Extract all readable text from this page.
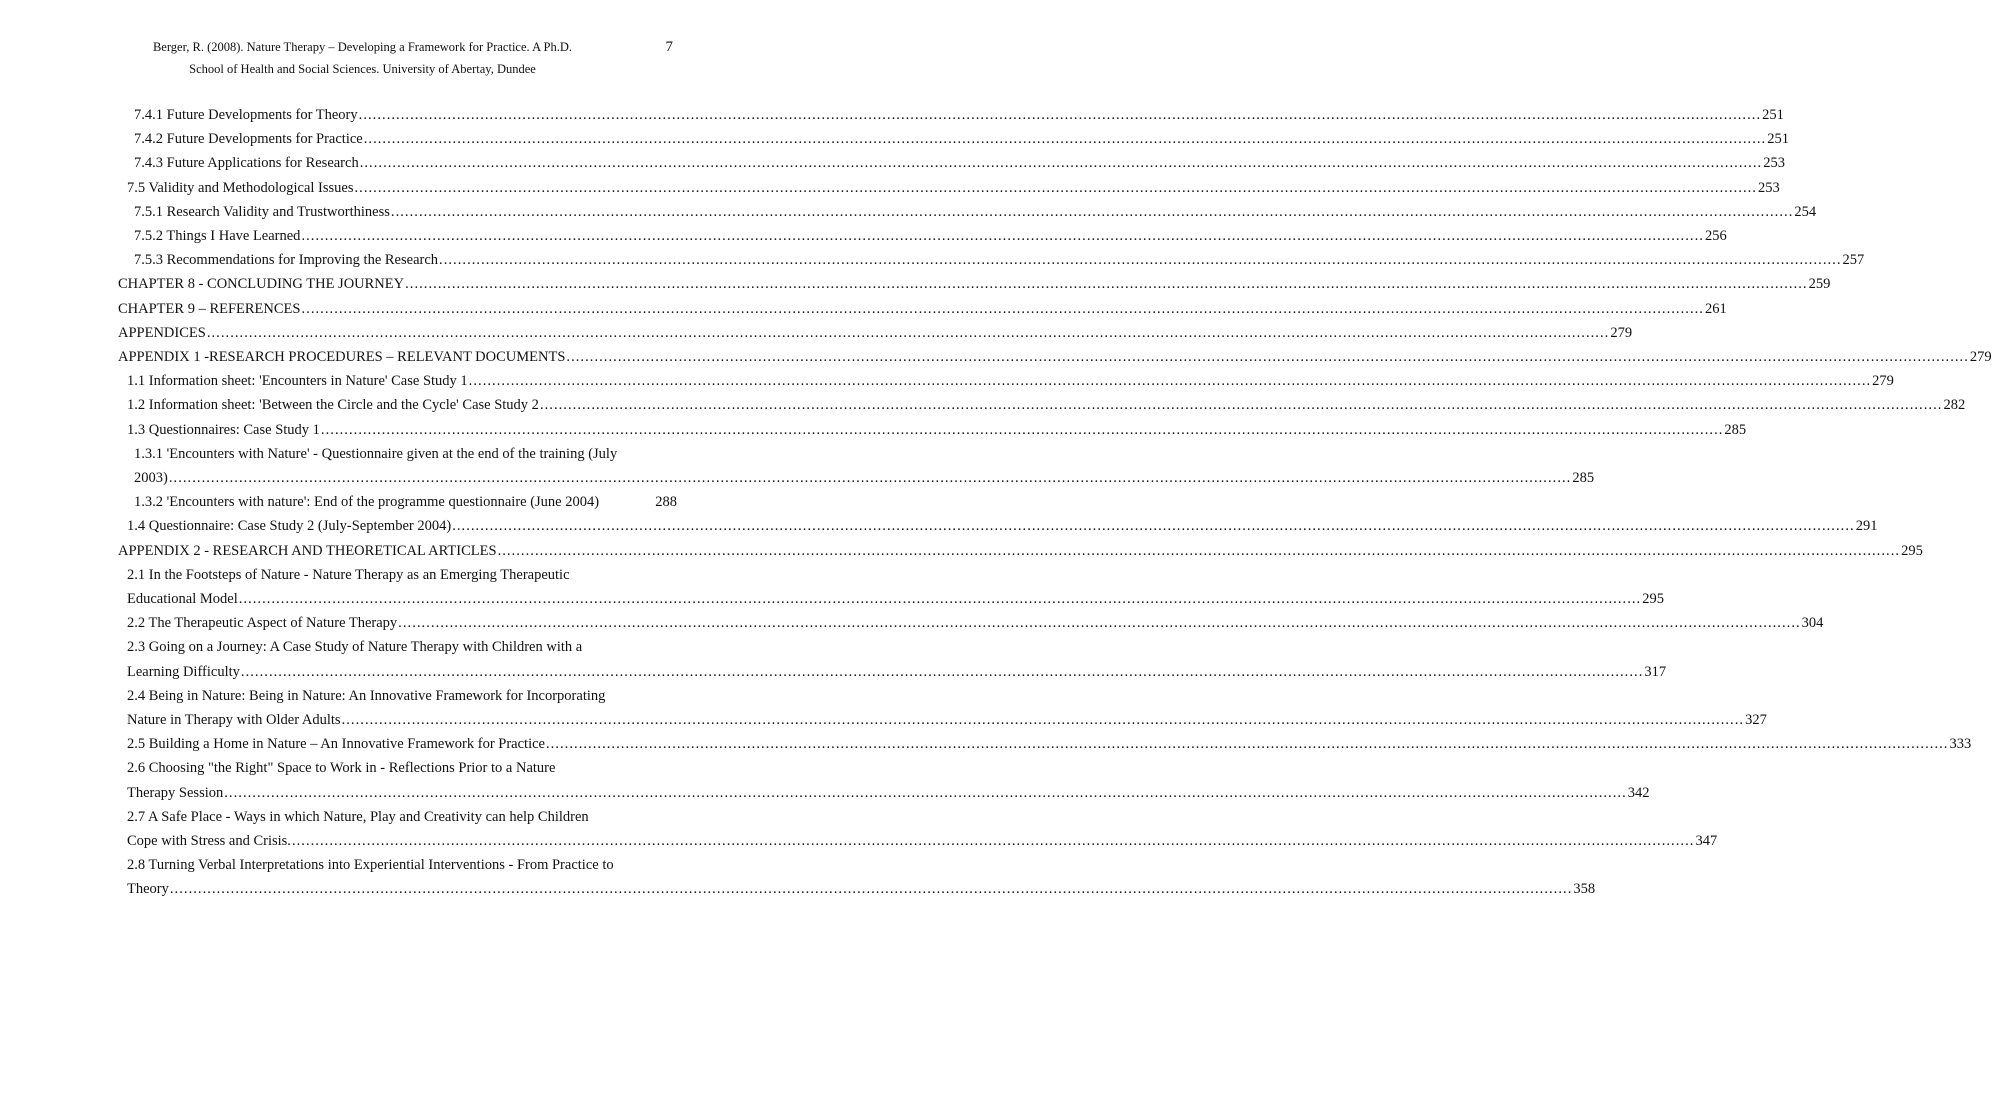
Berger, R. (2008). Nature Therapy – Developing a Framework for Practice. A Ph.D.
School of Health and Social Sciences. University of Abertay, Dundee
7
7.4.1 Future Developments for Theory ............................................................................................................................................................................................................................................................................................................ 251
7.4.2 Future Developments for Practice ............................................................................................................................................................................................................................................................................................................ 251
7.4.3 Future Applications for Research ............................................................................................................................................................................................................................................................................................................ 253
7.5 Validity and Methodological Issues ............................................................................................................................................................................................................................................................................................................ 253
7.5.1 Research Validity and Trustworthiness ............................................................................................................................................................................................................................................................................................................ 254
7.5.2 Things I Have Learned ............................................................................................................................................................................................................................................................................................................ 256
7.5.3 Recommendations for Improving the Research ............................................................................................................................................................................................................................................................................................................ 257
CHAPTER 8 - CONCLUDING THE JOURNEY ............................................................................................................................................................................................................................................................................................................ 259
CHAPTER 9 – REFERENCES ............................................................................................................................................................................................................................................................................................................ 261
APPENDICES ............................................................................................................................................................................................................................................................................................................ 279
APPENDIX 1 -RESEARCH PROCEDURES – RELEVANT DOCUMENTS ............................................................................................................................................................................................................................................................................................................ 279
1.1 Information sheet: 'Encounters in Nature' Case Study 1 ............................................................................................................................................................................................................................................................................................................ 279
1.2 Information sheet: 'Between the Circle and the Cycle' Case Study 2 ............................................................................................................................................................................................................................................................................................................ 282
1.3 Questionnaires: Case Study 1 ............................................................................................................................................................................................................................................................................................................ 285
1.3.1 'Encounters with Nature' - Questionnaire given at the end of the training (July
2003) ............................................................................................................................................................................................................................................................................................................ 285
1.3.2 'Encounters with nature': End of the programme questionnaire (June 2004)	288
1.4 Questionnaire: Case Study 2 (July-September 2004) ............................................................................................................................................................................................................................................................................................................ 291
APPENDIX 2 - RESEARCH AND THEORETICAL ARTICLES ............................................................................................................................................................................................................................................................................................................ 295
2.1 In the Footsteps of Nature - Nature Therapy as an Emerging Therapeutic
Educational Model ............................................................................................................................................................................................................................................................................................................ 295
2.2 The Therapeutic Aspect of Nature Therapy ............................................................................................................................................................................................................................................................................................................ 304
2.3 Going on a Journey: A Case Study of Nature Therapy with Children with a
Learning Difficulty ............................................................................................................................................................................................................................................................................................................ 317
2.4 Being in Nature: Being in Nature: An Innovative Framework for Incorporating
Nature in Therapy with Older Adults ............................................................................................................................................................................................................................................................................................................ 327
2.5 Building a Home in Nature – An Innovative Framework for Practice ............................................................................................................................................................................................................................................................................................................ 333
2.6 Choosing "the Right" Space to Work in - Reflections Prior to a Nature
Therapy Session ............................................................................................................................................................................................................................................................................................................ 342
2.7 A Safe Place - Ways in which Nature, Play and Creativity can help Children
Cope with Stress and Crisis. ............................................................................................................................................................................................................................................................................................................ 347
2.8 Turning Verbal Interpretations into Experiential Interventions - From Practice to
Theory ............................................................................................................................................................................................................................................................................................................ 358
